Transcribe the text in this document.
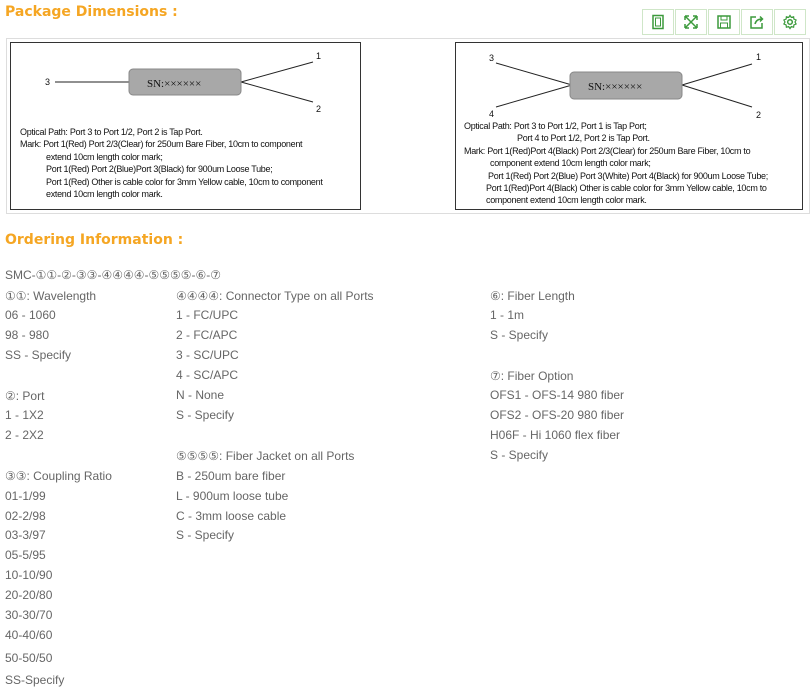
Package Dimensions :
SN:××××××
3
1
2
Optical Path: Port 3 to Port 1/2, Port 2 is Tap Port.
Mark: Port 1(Red) Port 2/3(Clear) for 250um Bare Fiber, 10cm to component
extend 10cm length color mark;
Port 1(Red) Port 2(Blue)Port 3(Black) for 900um Loose Tube;
Port 1(Red) Other is cable color for 3mm Yellow cable, 10cm to component
extend 10cm length color mark.
SN:××××××
3
4
1
2
Optical Path: Port 3 to Port 1/2, Port 1 is Tap Port;
Port 4 to Port 1/2, Port 2 is Tap Port.
Mark: Port 1(Red)Port 4(Black) Port 2/3(Clear) for 250um Bare Fiber, 10cm to
component extend 10cm length color mark;
Port 1(Red) Port 2(Blue) Port 3(White) Port 4(Black) for 900um Loose Tube;
Port 1(Red)Port 4(Black) Other is cable color for 3mm Yellow cable, 10cm to
component extend 10cm length color mark.
Ordering Information :
SMC-①①-②-③③-④④④④-⑤⑤⑤⑤-⑥-⑦
①①: Wavelength
06 - 1060
98 - 980
SS - Specify
②: Port
1 - 1X2
2 - 2X2
③③: Coupling Ratio
01-1/99
02-2/98
03-3/97
05-5/95
10-10/90
20-20/80
30-30/70
40-40/60
50-50/50
SS-Specify
④④④④: Connector Type on all Ports
1 - FC/UPC
2 - FC/APC
3 - SC/UPC
4 - SC/APC
N - None
S - Specify
⑤⑤⑤⑤: Fiber Jacket on all Ports
B - 250um bare fiber
L - 900um loose tube
C - 3mm loose cable
S - Specify
⑥: Fiber Length
1 - 1m
S - Specify
⑦: Fiber Option
OFS1 - OFS-14 980 fiber
OFS2 - OFS-20 980 fiber
H06F - Hi 1060 flex fiber
S - Specify
